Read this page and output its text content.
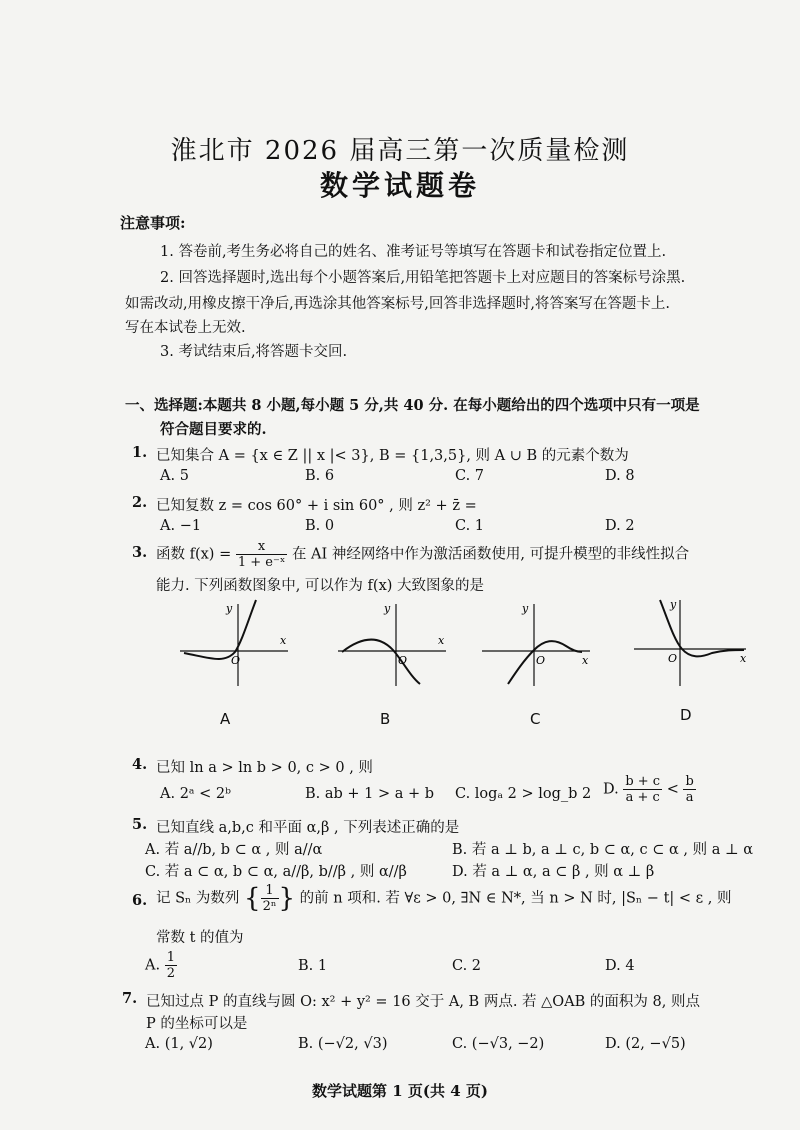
淮北市 2026 届高三第一次质量检测
数学试题卷
注意事项:
1. 答卷前,考生务必将自己的姓名、准考证号等填写在答题卡和试卷指定位置上.
2. 回答选择题时,选出每个小题答案后,用铅笔把答题卡上对应题目的答案标号涂黑.
如需改动,用橡皮擦干净后,再选涂其他答案标号,回答非选择题时,将答案写在答题卡上.
写在本试卷上无效.
3. 考试结束后,将答题卡交回.
一、选择题:本题共 8 小题,每小题 5 分,共 40 分. 在每小题给出的四个选项中只有一项是
符合题目要求的.
1. 已知集合 A = {x ∈ Z || x |< 3}, B = {1,3,5}, 则 A ∪ B 的元素个数为
A. 5	B. 6	C. 7	D. 8
2. 已知复数 z = cos 60° + i sin 60° , 则 z² + z̄ =
A. −1	B. 0	C. 1	D. 2
3. 函数 $f(x) = \frac{x}{\text{1 + e⁻ˣ}}$ 在 AI 神经网络中作为激活函数使用, 可提升模型的非线性拟合
能力. 下列函数图象中, 可以作为 f(x) 大致图象的是
y
x
O
A
y
x
O
B
y
x
O
C
y
x
O
D
4. 已知 ln a > ln b > 0, c > 0 , 则
A. 2ᵃ < 2ᵇ	B. ab + 1 > a + b C. logₐ 2 > log_b 2 D. $\frac{b + c}{a + c} < \frac{b}{a}$
5. 已知直线 a,b,c 和平面 α,β , 下列表述正确的是
A. 若 a//b, b ⊂ α , 则 a//α	B. 若 a ⊥ b, a ⊥ c, b ⊂ α, c ⊂ α , 则 a ⊥ α
C. 若 a ⊂ α, b ⊂ α, a//β, b//β , 则 α//β	D. 若 a ⊥ α, a ⊂ β , 则 α ⊥ β
6. 记 Sₙ 为数列 { $\frac{1}{\text{2ⁿ}}$ } 的前 n 项和. 若 ∀ε > 0, ∃N ∈ N*, 当 n > N 时, |Sₙ − t| < ε , 则
常数 t 的值为
A. $\frac{1}{2}$	B. 1	C. 2	D. 4
7. 已知过点 P 的直线与圆 O: x² + y² = 16 交于 A, B 两点. 若 △OAB 的面积为 8, 则点
P 的坐标可以是
A. (1, √2)	B. (−√2, √3)	C. (−√3, −2)	D. (2, −√5)
数学试题第 1 页(共 4 页)
